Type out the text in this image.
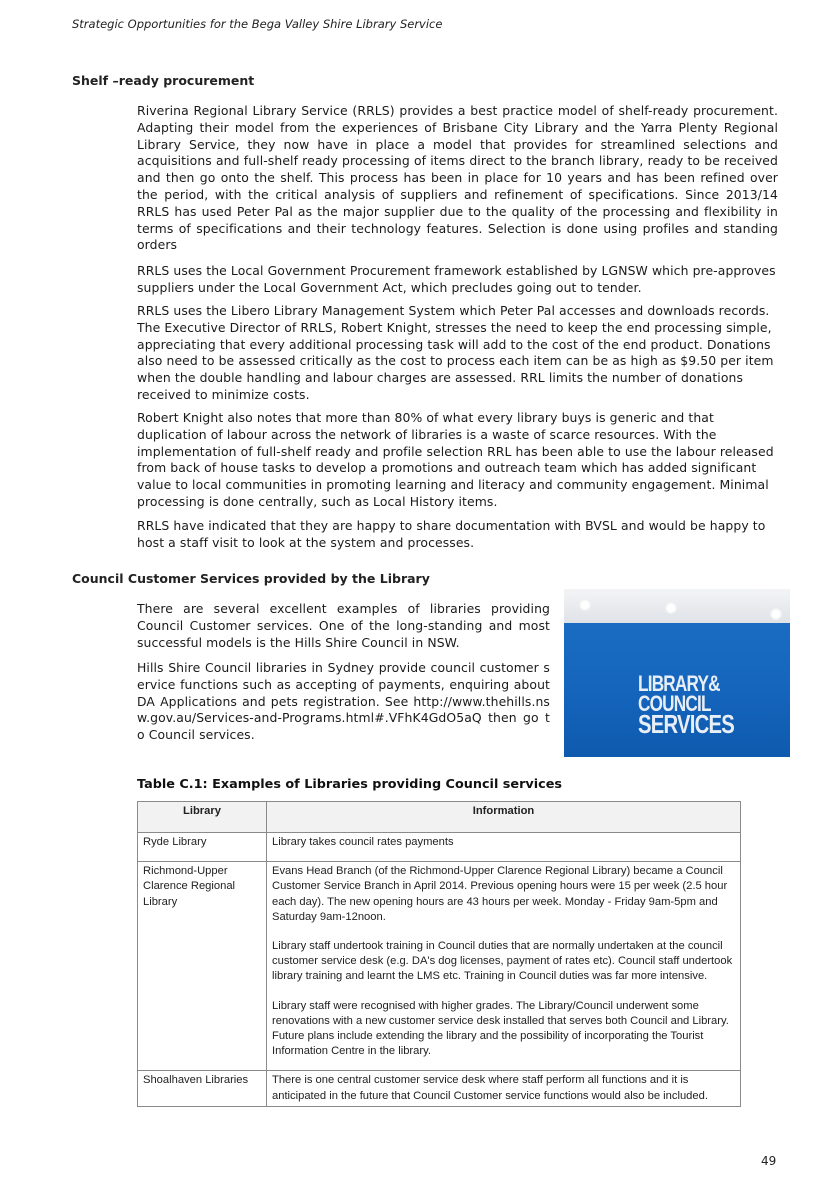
Strategic Opportunities for the Bega Valley Shire Library Service
Shelf –ready procurement

Riverina Regional Library Service (RRLS) provides a best practice model of shelf-ready procurement. Adapting their model from the experiences of Brisbane City Library and the Yarra Plenty Regional Library Service, they now have in place a model that provides for streamlined selections and acquisitions and full-shelf ready processing of items direct to the branch library, ready to be received and then go onto the shelf. This process has been in place for 10 years and has been refined over the period, with the critical analysis of suppliers and refinement of specifications. Since 2013/14 RRLS has used Peter Pal as the major supplier due to the quality of the processing and flexibility in terms of specifications and their technology features. Selection is done using profiles and standing orders

RRLS uses the Local Government Procurement framework established by LGNSW which pre-approves suppliers under the Local Government Act, which precludes going out to tender.

RRLS uses the Libero Library Management System which Peter Pal accesses and downloads records. The Executive Director of RRLS, Robert Knight, stresses the need to keep the end processing simple, appreciating that every additional processing task will add to the cost of the end product. Donations also need to be assessed critically as the cost to process each item can be as high as $9.50 per item when the double handling and labour charges are assessed. RRL limits the number of donations received to minimize costs.

Robert Knight also notes that more than 80% of what every library buys is generic and that duplication of labour across the network of libraries is a waste of scarce resources. With the implementation of full-shelf ready and profile selection RRL has been able to use the labour released from back of house tasks to develop a promotions and outreach team which has added significant value to local communities in promoting learning and literacy and community engagement. Minimal processing is done centrally, such as Local History items.

RRLS have indicated that they are happy to share documentation with BVSL and would be happy to host a staff visit to look at the system and processes.

Council Customer Services provided by the Library

There are several excellent examples of libraries providing Council Customer services. One of the long-standing and most successful models is the Hills Shire Council in NSW.

Hills Shire Council libraries in Sydney provide council customer service functions such as accepting of payments, enquiring about DA Applications and pets registration. See http://www.thehills.nsw.gov.au/Services-and-Programs.html#.VFhK4GdO5aQ then go to Council services.

LIBRARY&
COUNCIL
SERVICES
Table C.1: Examples of Libraries providing Council services
Library	Information
Ryde Library	Library takes council rates payments

Richmond-Upper Clarence Regional Library	Evans Head Branch (of the Richmond-Upper Clarence Regional Library) became a Council Customer Service Branch in April 2014. Previous opening hours were 15 per week (2.5 hour each day). The new opening hours are 43 hours per week. Monday - Friday 9am-5pm and Saturday 9am-12noon.
Library staff undertook training in Council duties that are normally undertaken at the council customer service desk (e.g. DA's dog licenses, payment of rates etc). Council staff undertook library training and learnt the LMS etc. Training in Council duties was far more intensive.
Library staff were recognised with higher grades. The Library/Council underwent some renovations with a new customer service desk installed that serves both Council and Library. Future plans include extending the library and the possibility of incorporating the Tourist Information Centre in the library.

Shoalhaven Libraries	There is one central customer service desk where staff perform all functions and it is anticipated in the future that Council Customer service functions would also be included.
49
